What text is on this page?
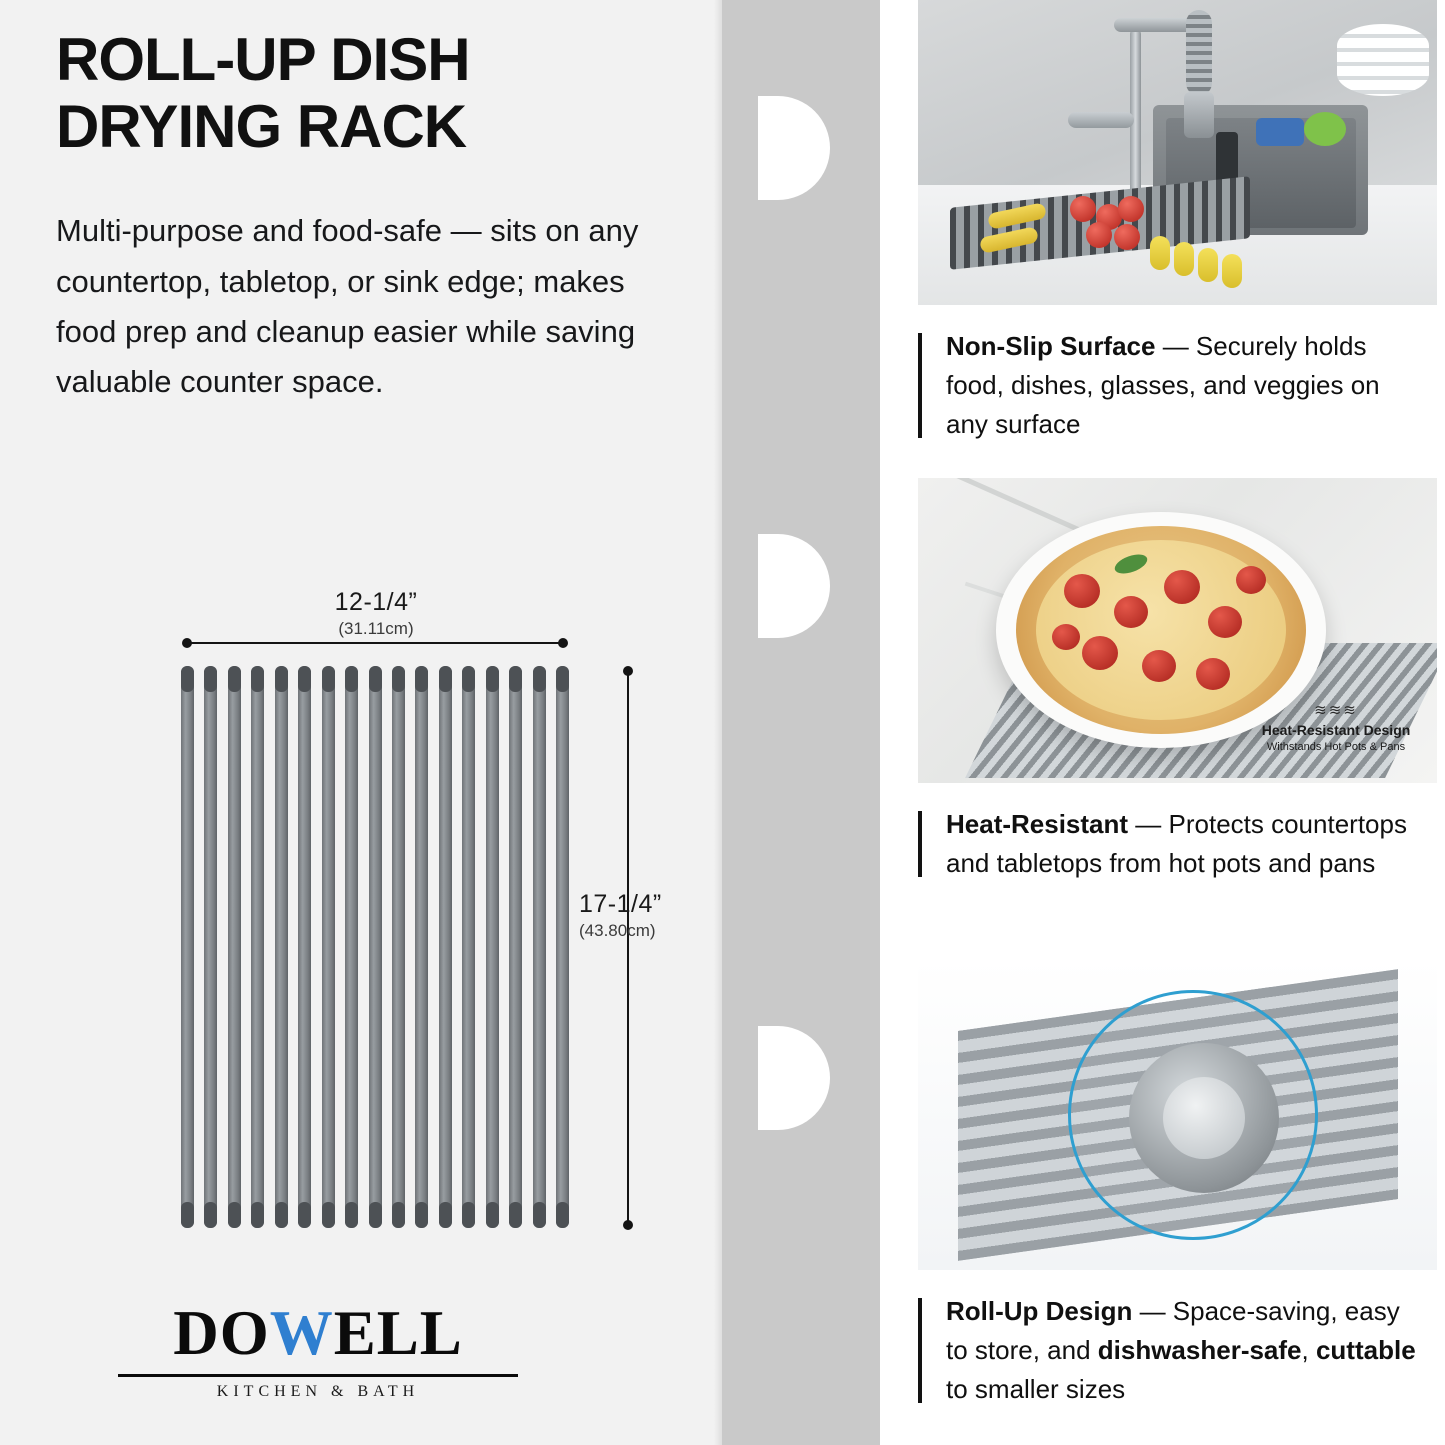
ROLL-UP DISH
DRYING RACK

Multi-purpose and food-safe — sits on any countertop, tabletop, or sink edge; makes food prep and cleanup easier while saving valuable counter space.

12-1/4”
(31.11cm)
17-1/4”
(43.80cm)
DOWELL
KITCHEN & BATH
Non-Slip Surface — Securely holds food, dishes, glasses, and veggies on any surface
≋≋≋
Heat-Resistant Design
Withstands Hot Pots & Pans
Heat-Resistant — Protects countertops and tabletops from hot pots and pans
Roll-Up Design — Space-saving, easy to store, and dishwasher-safe, cuttable to smaller sizes
